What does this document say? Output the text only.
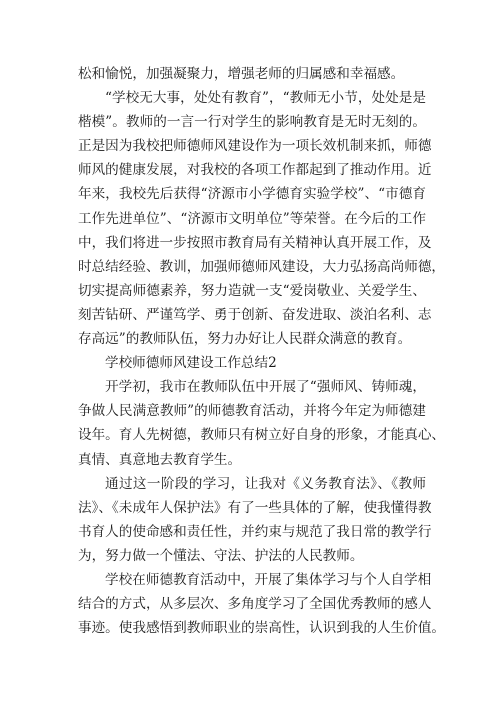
松和愉悦，加强凝聚力，增强老师的归属感和幸福感。
“学校无大事，处处有教育”，“教师无小节，处处是是
楷模”。教师的一言一行对学生的影响教育是无时无刻的。
正是因为我校把师德师风建设作为一项长效机制来抓，师德
师风的健康发展，对我校的各项工作都起到了推动作用。近
年来，我校先后获得“济源市小学德育实验学校”、“市德育
工作先进单位”、“济源市文明单位”等荣誉。在今后的工作
中，我们将进一步按照市教育局有关精神认真开展工作，及
时总结经验、教训，加强师德师风建设，大力弘扬高尚师德，
切实提高师德素养，努力造就一支“爱岗敬业、关爱学生、
刻苦钻研、严谨笃学、勇于创新、奋发进取、淡泊名利、志
存高远”的教师队伍，努力办好让人民群众满意的教育。
学校师德师风建设工作总结2
开学初，我市在教师队伍中开展了“强师风、铸师魂，
争做人民满意教师”的师德教育活动，并将今年定为师德建
设年。育人先树德，教师只有树立好自身的形象，才能真心、
真情、真意地去教育学生。
通过这一阶段的学习，让我对《义务教育法》、《教师
法》、《未成年人保护法》有了一些具体的了解，使我懂得教
书育人的使命感和责任性，并约束与规范了我日常的教学行
为，努力做一个懂法、守法、护法的人民教师。
学校在师德教育活动中，开展了集体学习与个人自学相
结合的方式，从多层次、多角度学习了全国优秀教师的感人
事迹。使我感悟到教师职业的崇高性，认识到我的人生价值。
